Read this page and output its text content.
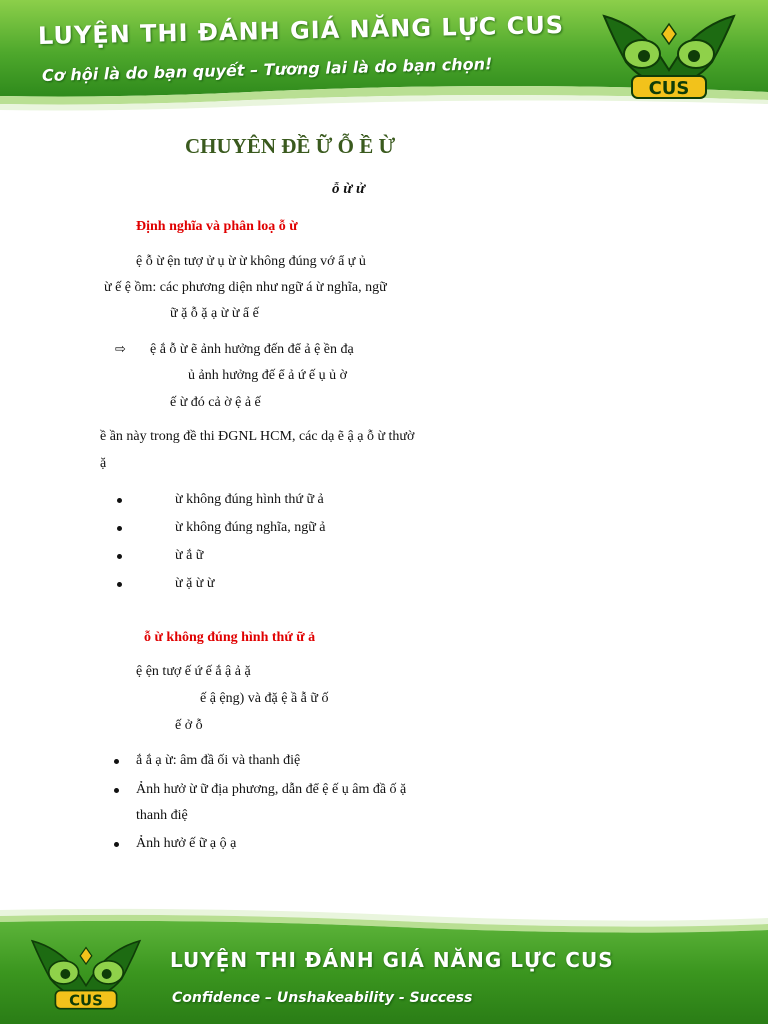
LUYỆN THI ĐÁNH GIÁ NĂNG LỰC CUS
Cơ hội là do bạn quyết – Tương lai là do bạn chọn!
CUS
CHUYÊN ĐỀ Ữ Ỗ Ề Ừ
ỗ ừ ử
Định nghĩa và phân loạ ỗ ừ
ệ ỗ ừ ện tượ ử ụ ừ ừ không đúng vớ ẩ ự ủ
ừ ế ệ ồm: các phương diện như ngữ á ừ nghĩa, ngữ
ữ ặ ỗ ặ ạ ừ ừ ẩ ế
⇨ ệ ắ ỗ ừ ẽ ảnh hưởng đến để ả ệ ền đạ
ủ ảnh hưởng đế ể ả ứ ế ụ ủ ờ
ế ừ đó cả ờ ệ ả ế
ề ần này trong đề thi ĐGNL HCM, các dạ ẽ ậ ạ ỗ ừ thườ
ặ
ừ không đúng hình thứ ữ ả
ừ không đúng nghĩa, ngữ ả
ừ ắ ữ
ừ ặ ừ ừ
ỗ ừ không đúng hình thứ ữ ả
ệ ện tượ ế ứ ế ắ ậ ả ặ
ế ậ ệng) và đặ ệ ầ ẫ ữ ố
ế ở ỗ
ắ ắ ạ ừ: âm đầ ối và thanh điệ
Ảnh hưở ừ ữ địa phương, dẫn để ệ ế ụ âm đầ ố ặ
thanh điệ
Ảnh hưở ế ữ ạ ộ ạ
LUYỆN THI ĐÁNH GIÁ NĂNG LỰC CUS
Confidence – Unshakeability - Success
CUS
